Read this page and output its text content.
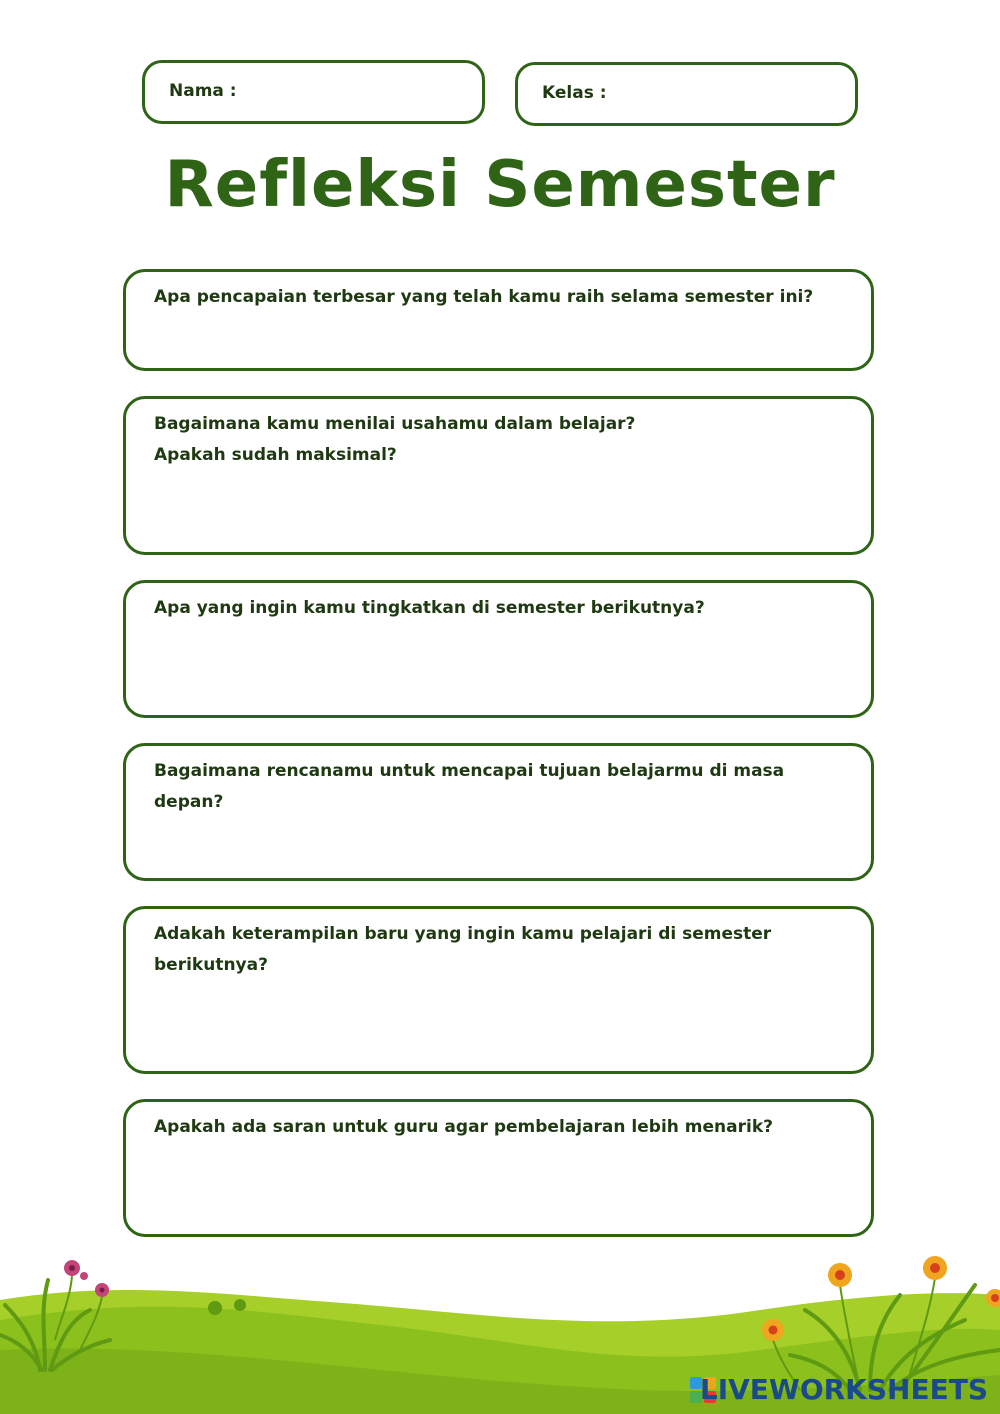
Nama :	Kelas :
Refleksi Semester
Apa pencapaian terbesar yang telah kamu raih selama semester ini?
Bagaimana kamu menilai usahamu dalam belajar?
Apakah sudah maksimal?
Apa yang ingin kamu tingkatkan di semester berikutnya?
Bagaimana rencanamu untuk mencapai tujuan belajarmu di masa depan?
Adakah keterampilan baru yang ingin kamu pelajari di semester
berikutnya?
Apakah ada saran untuk guru agar pembelajaran lebih menarik?
LIVEWORKSHEETS
